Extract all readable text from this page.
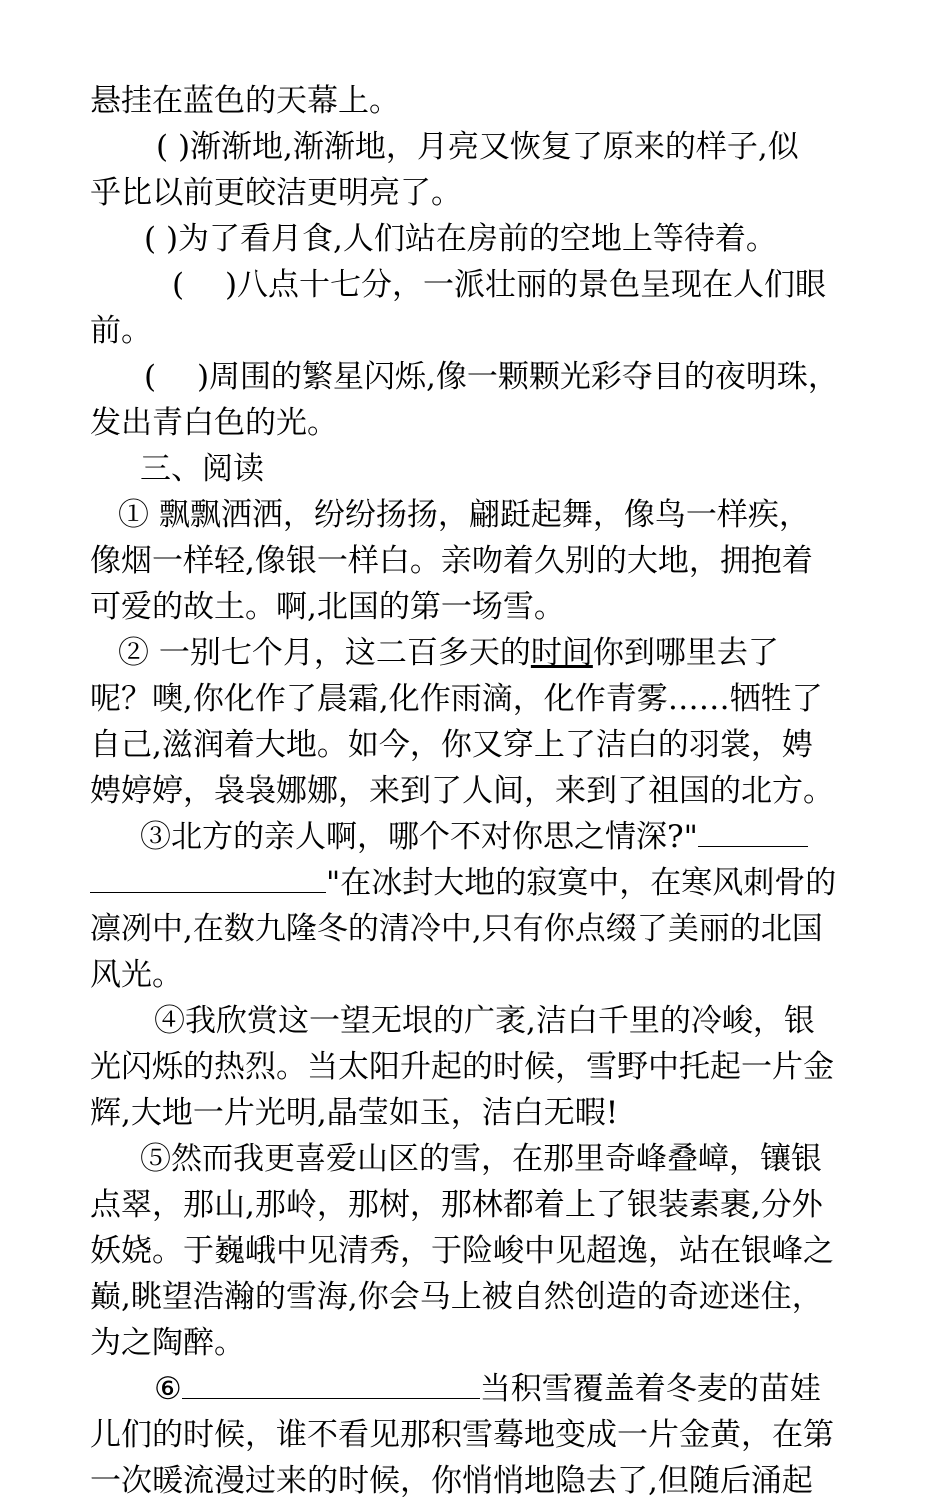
悬挂在蓝色的天幕上。
( )渐渐地,渐渐地，月亮又恢复了原来的样子,似
乎比以前更皎洁更明亮了。
( )为了看月食,人们站在房前的空地上等待着。
(　 )八点十七分，一派壮丽的景色呈现在人们眼
前。
(　 )周围的繁星闪烁,像一颗颗光彩夺目的夜明珠，
发出青白色的光。
三、阅读
① 飘飘洒洒，纷纷扬扬，翩跹起舞，像鸟一样疾，
像烟一样轻,像银一样白。亲吻着久别的大地，拥抱着
可爱的故土。啊,北国的第一场雪。
② 一别七个月，这二百多天的时间你到哪里去了
呢？噢,你化作了晨霜,化作雨滴，化作青雾……牺牲了
自己,滋润着大地。如今，你又穿上了洁白的羽裳，娉
娉婷婷，袅袅娜娜，来到了人间，来到了祖国的北方。
③北方的亲人啊，哪个不对你思之情深?"
"在冰封大地的寂寞中，在寒风刺骨的
凛冽中,在数九隆冬的清冷中,只有你点缀了美丽的北国
风光。
④我欣赏这一望无垠的广袤,洁白千里的冷峻，银
光闪烁的热烈。当太阳升起的时候，雪野中托起一片金
辉,大地一片光明,晶莹如玉，洁白无暇!
⑤然而我更喜爱山区的雪，在那里奇峰叠嶂，镶银
点翠，那山,那岭，那树，那林都着上了银装素裹,分外
妖娆。于巍峨中见清秀，于险峻中见超逸，站在银峰之
巅,眺望浩瀚的雪海,你会马上被自然创造的奇迹迷住，
为之陶醉。
⑥	当积雪覆盖着冬麦的苗娃
儿们的时候，谁不看见那积雪蓦地变成一片金黄，在第
一次暖流漫过来的时候，你悄悄地隐去了,但随后涌起
